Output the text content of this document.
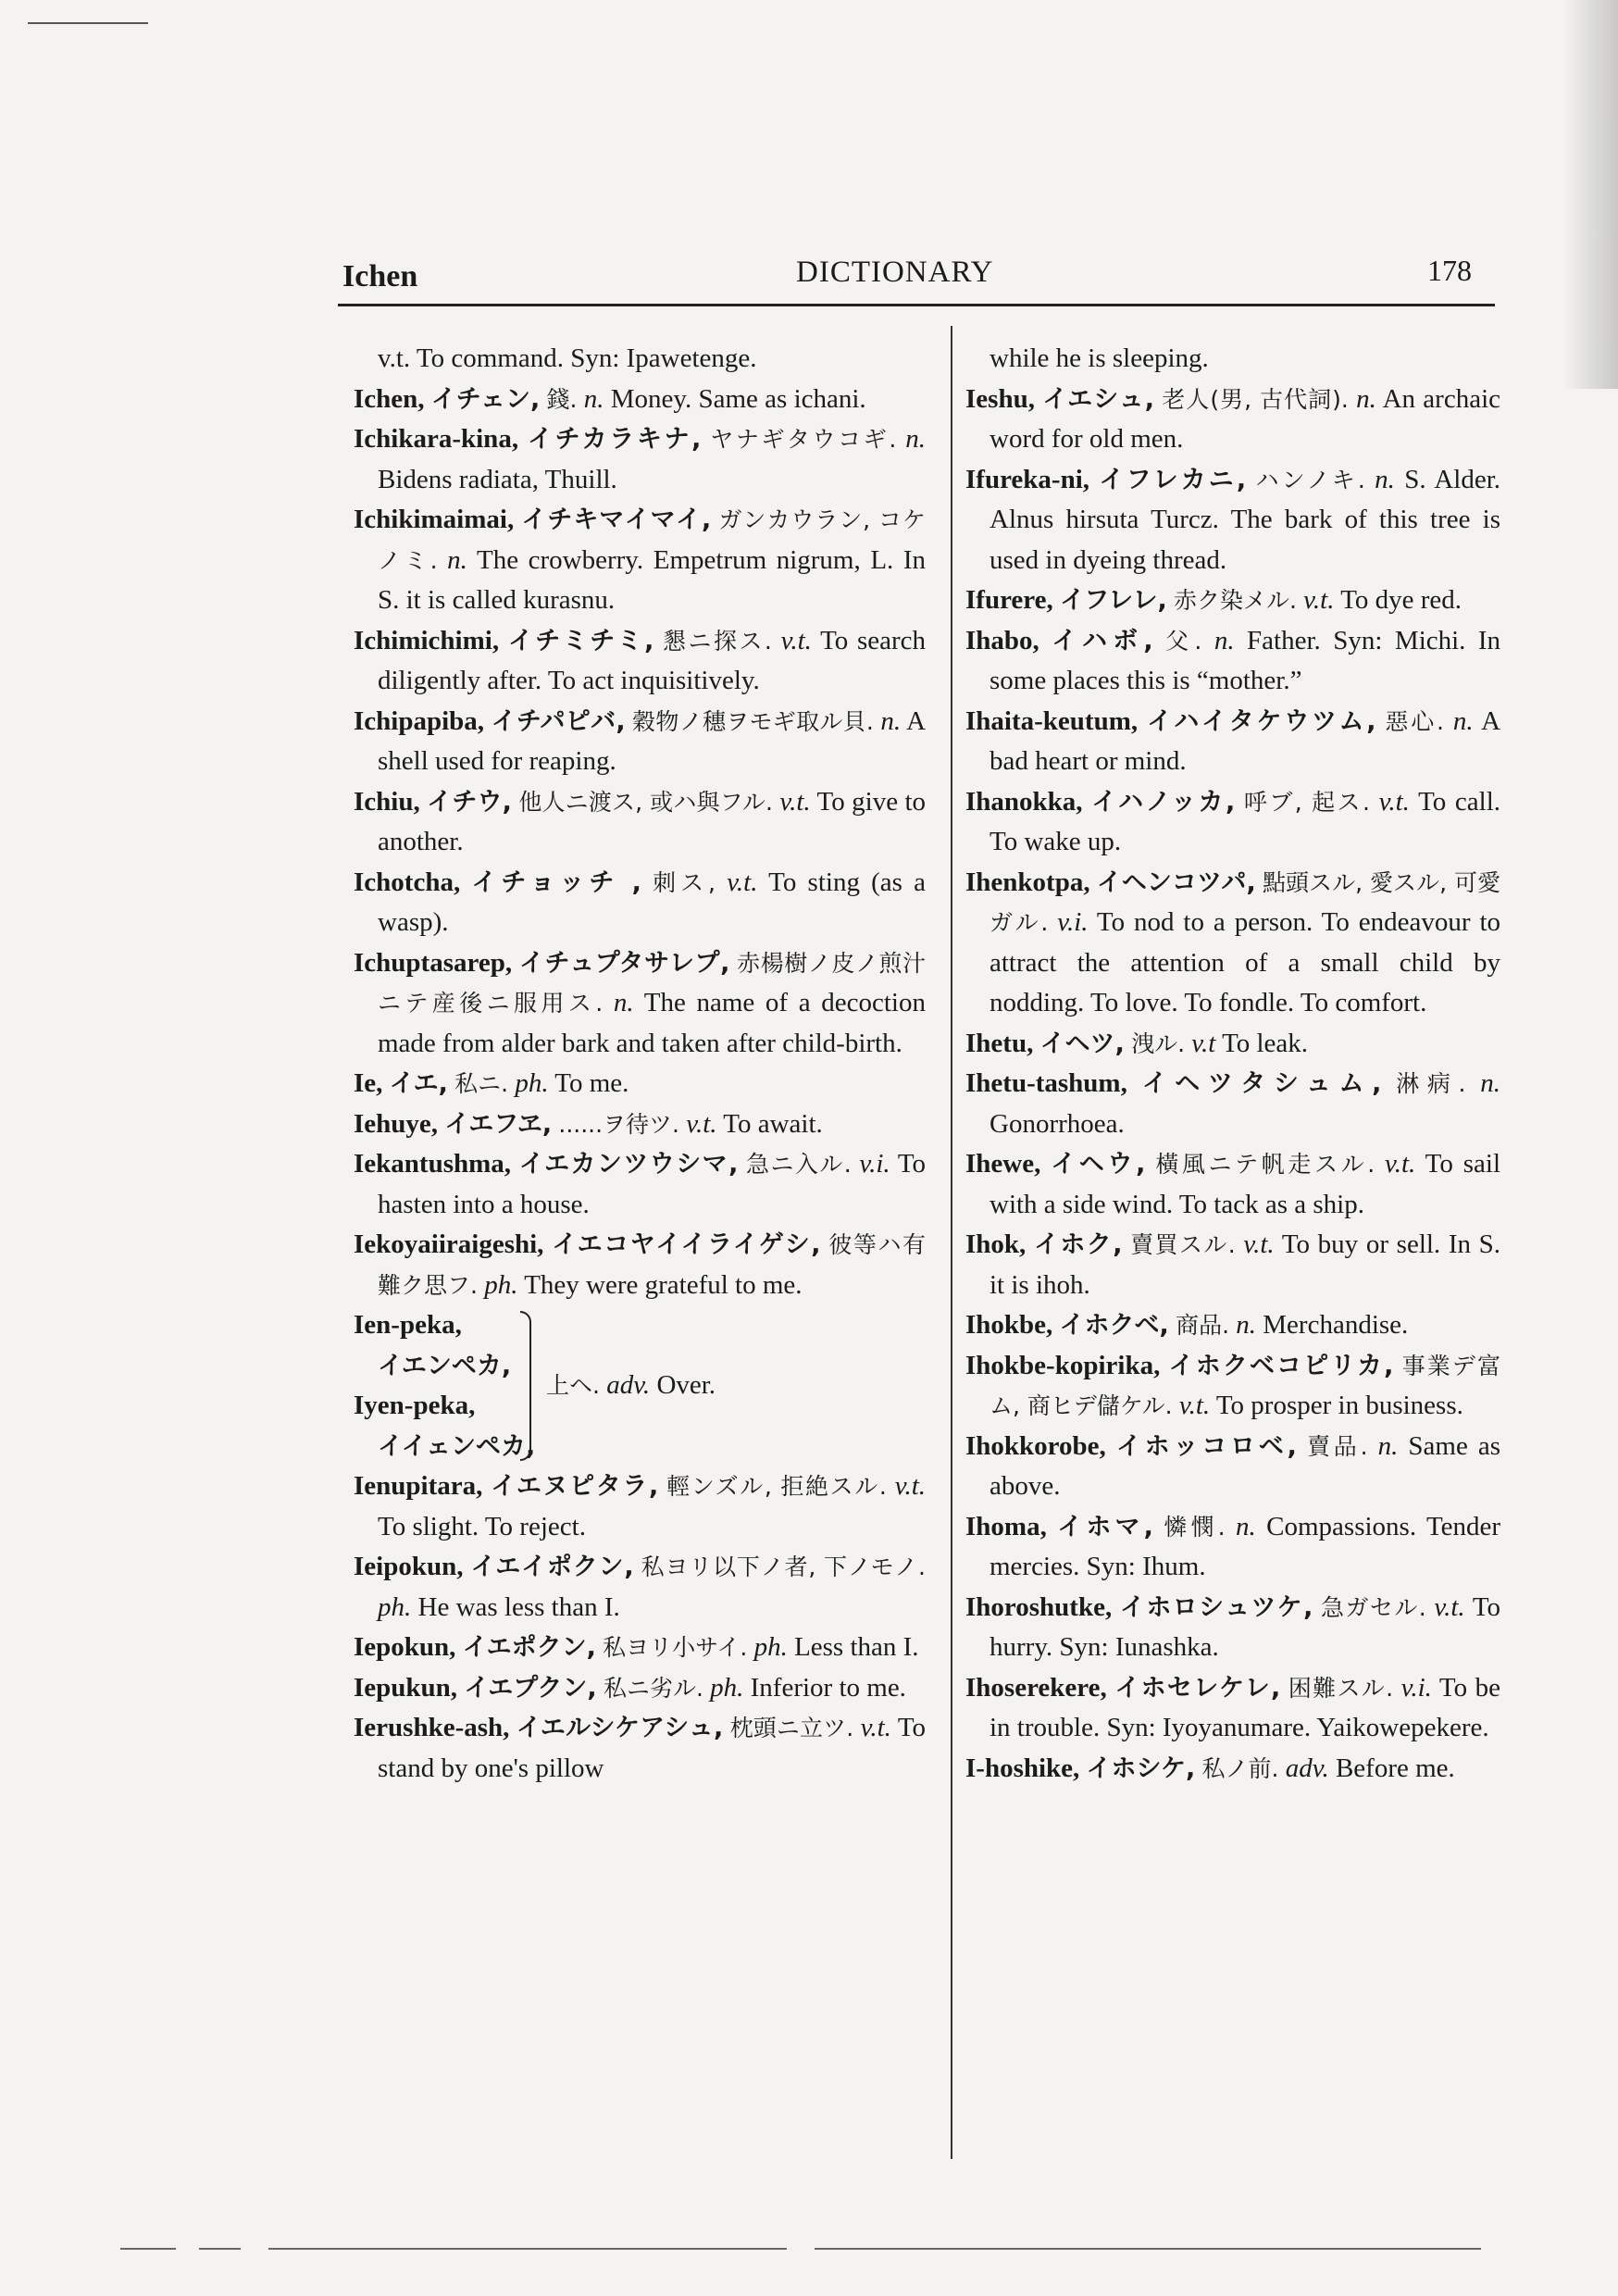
Ichen	DICTIONARY	178

v.t. To command. Syn: Ipawetenge.

Ichen, イチェン, 錢. n. Money. Same as ichani.

Ichikara-kina, イチカラキナ, ヤナギタウコギ. n. Bidens radiata, Thuill.

Ichikimaimai, イチキマイマイ, ガンカウラン, コケノミ. n. The crowberry. Empetrum nigrum, L. In S. it is called kurasnu.

Ichimichimi, イチミチミ, 懇ニ探ス. v.t. To search diligently after. To act inquisitively.

Ichipapiba, イチパピバ, 穀物ノ穗ヲモギ取ル貝. n. A shell used for reaping.

Ichiu, イチウ, 他人ニ渡ス, 或ハ與フル. v.t. To give to another.

Ichotcha, イチョッチ , 刺ス, v.t. To sting (as a wasp).

Ichuptasarep, イチュプタサレプ, 赤楊樹ノ皮ノ煎汁ニテ産後ニ服用ス. n. The name of a decoction made from alder bark and taken after child-birth.

Ie, イエ, 私ニ. ph. To me.

Iehuye, イエフヱ, ......ヲ待ツ. v.t. To await.

Iekantushma, イエカンツウシマ, 急ニ入ル. v.i. To hasten into a house.

Iekoyaiiraigeshi, イエコヤイイライゲシ, 彼等ハ有難ク思フ. ph. They were grateful to me.

Ien-peka,
イエンペカ,
Iyen-peka,
イイェンペカ,
上ヘ. adv. Over.

Ienupitara, イエヌピタラ, 輕ンズル, 拒絶スル. v.t. To slight. To reject.

Ieipokun, イエイポクン, 私ヨリ以下ノ者, 下ノモノ. ph. He was less than I.

Iepokun, イエポクン, 私ヨリ小サイ. ph. Less than I.

Iepukun, イエプクン, 私ニ劣ル. ph. Inferior to me.

Ierushke-ash, イエルシケアシュ, 枕頭ニ立ツ. v.t. To stand by one's pillow

while he is sleeping.

Ieshu, イエシュ, 老人(男, 古代詞). n. An archaic word for old men.

Ifureka-ni, イフレカニ, ハンノキ. n. S. Alder. Alnus hirsuta Turcz. The bark of this tree is used in dyeing thread.

Ifurere, イフレレ, 赤ク染メル. v.t. To dye red.

Ihabo, イハボ, 父. n. Father. Syn: Michi. In some places this is “mother.”

Ihaita-keutum, イハイタケウツム, 惡心. n. A bad heart or mind.

Ihanokka, イハノッカ, 呼ブ, 起ス. v.t. To call. To wake up.

Ihenkotpa, イヘンコツパ, 點頭スル, 愛スル, 可愛ガル. v.i. To nod to a person. To endeavour to attract the attention of a small child by nodding. To love. To fondle. To comfort.

Ihetu, イヘツ, 洩ル. v.t To leak.

Ihetu-tashum, イヘツタシュム, 淋病. n. Gonorrhoea.

Ihewe, イヘウ, 橫風ニテ帆走スル. v.t. To sail with a side wind. To tack as a ship.

Ihok, イホク, 賣買スル. v.t. To buy or sell. In S. it is ihoh.

Ihokbe, イホクベ, 商品. n. Merchandise.

Ihokbe-kopirika, イホクベコピリカ, 事業デ富ム, 商ヒデ儲ケル. v.t. To prosper in business.

Ihokkorobe, イホッコロベ, 賣品. n. Same as above.

Ihoma, イホマ, 憐憫. n. Compassions. Tender mercies. Syn: Ihum.

Ihoroshutke, イホロシュツケ, 急ガセル. v.t. To hurry. Syn: Iunashka.

Ihoserekere, イホセレケレ, 困難スル. v.i. To be in trouble. Syn: Iyoyanumare. Yaikowepekere.

I-hoshike, イホシケ, 私ノ前. adv. Before me.
